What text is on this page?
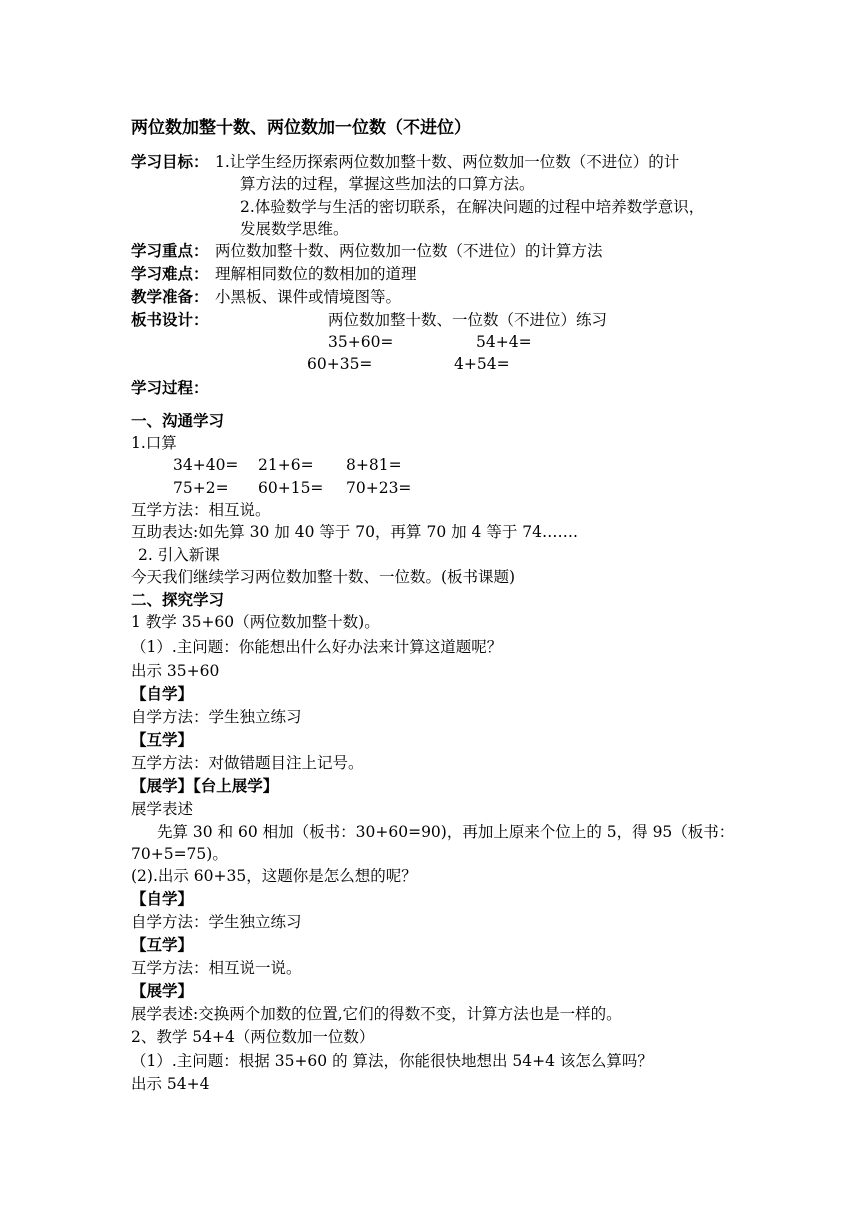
两位数加整十数、两位数加一位数（不进位）
学习目标： 1.让学生经历探索两位数加整十数、两位数加一位数（不进位）的计
算方法的过程，掌握这些加法的口算方法。
2.体验数学与生活的密切联系，在解决问题的过程中培养数学意识，
发展数学思维。
学习重点： 两位数加整十数、两位数加一位数（不进位）的计算方法
学习难点： 理解相同数位的数相加的道理
教学准备： 小黑板、课件或情境图等。
板书设计：	两位数加整十数、一位数（不进位）练习
35+60=	54+4=
60+35=	4+54=
学习过程：
一、沟通学习
1.口算
34+40= 21+6= 8+81=
75+2= 60+15= 70+23=
互学方法：相互说。
互助表达:如先算 30 加 40 等于 70，再算 70 加 4 等于 74…….
2. 引入新课
今天我们继续学习两位数加整十数、一位数。(板书课题)
二、探究学习
1 教学 35+60（两位数加整十数)。
（1）.主问题：你能想出什么好办法来计算这道题呢？
出示 35+60
【自学】
自学方法：学生独立练习
【互学】
互学方法：对做错题目注上记号。
【展学】【台上展学】
展学表述
先算 30 和 60 相加（板书：30+60=90)，再加上原来个位上的 5，得 95（板书：
70+5=75)。
(2).出示 60+35，这题你是怎么想的呢？
【自学】
自学方法：学生独立练习
【互学】
互学方法：相互说一说。
【展学】
展学表述:交换两个加数的位置,它们的得数不变，计算方法也是一样的。
2、教学 54+4（两位数加一位数）
（1）.主问题：根据 35+60 的 算法，你能很快地想出 54+4 该怎么算吗？
出示 54+4
